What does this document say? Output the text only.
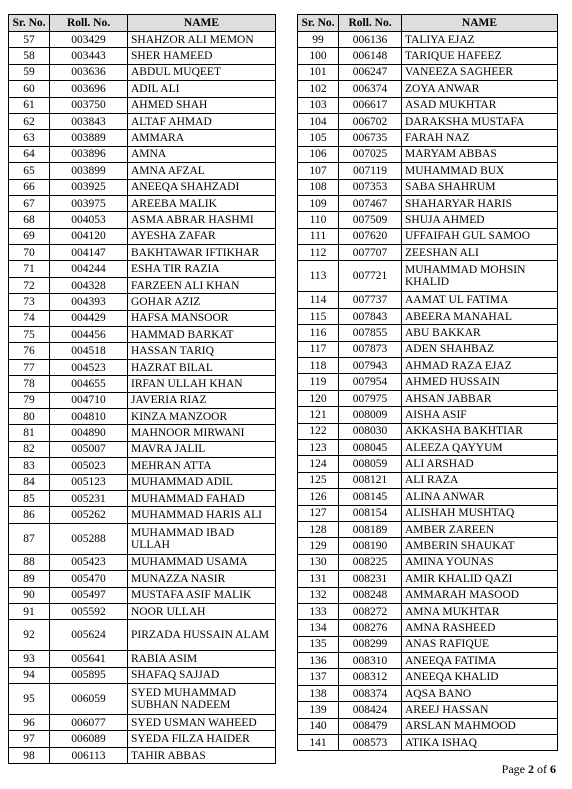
Sr. No.	Roll. No.	NAME
57	003429	SHAHZOR ALI MEMON
58	003443	SHER HAMEED
59	003636	ABDUL MUQEET
60	003696	ADIL ALI
61	003750	AHMED SHAH
62	003843	ALTAF AHMAD
63	003889	AMMARA
64	003896	AMNA
65	003899	AMNA AFZAL
66	003925	ANEEQA SHAHZADI
67	003975	AREEBA MALIK
68	004053	ASMA ABRAR HASHMI
69	004120	AYESHA ZAFAR
70	004147	BAKHTAWAR IFTIKHAR
71	004244	ESHA TIR RAZIA
72	004328	FARZEEN ALI KHAN
73	004393	GOHAR AZIZ
74	004429	HAFSA MANSOOR
75	004456	HAMMAD BARKAT
76	004518	HASSAN TARIQ
77	004523	HAZRAT BILAL
78	004655	IRFAN ULLAH KHAN
79	004710	JAVERIA RIAZ
80	004810	KINZA MANZOOR
81	004890	MAHNOOR MIRWANI
82	005007	MAVRA JALIL
83	005023	MEHRAN ATTA
84	005123	MUHAMMAD ADIL
85	005231	MUHAMMAD FAHAD
86	005262	MUHAMMAD HARIS ALI
87	005288	MUHAMMAD IBAD ULLAH
88	005423	MUHAMMAD USAMA
89	005470	MUNAZZA NASIR
90	005497	MUSTAFA ASIF MALIK
91	005592	NOOR ULLAH
92	005624	PIRZADA HUSSAIN ALAM
93	005641	RABIA ASIM
94	005895	SHAFAQ SAJJAD
95	006059	SYED MUHAMMAD SUBHAN NADEEM
96	006077	SYED USMAN WAHEED
97	006089	SYEDA FILZA HAIDER
98	006113	TAHIR ABBAS
Sr. No.	Roll. No.	NAME
99	006136	TALIYA EJAZ
100	006148	TARIQUE HAFEEZ
101	006247	VANEEZA SAGHEER
102	006374	ZOYA ANWAR
103	006617	ASAD MUKHTAR
104	006702	DARAKSHA MUSTAFA
105	006735	FARAH NAZ
106	007025	MARYAM ABBAS
107	007119	MUHAMMAD BUX
108	007353	SABA SHAHRUM
109	007467	SHAHARYAR HARIS
110	007509	SHUJA AHMED
111	007620	UFFAIFAH GUL SAMOO
112	007707	ZEESHAN ALI
113	007721	MUHAMMAD MOHSIN KHALID
114	007737	AAMAT UL FATIMA
115	007843	ABEERA MANAHAL
116	007855	ABU BAKKAR
117	007873	ADEN SHAHBAZ
118	007943	AHMAD RAZA EJAZ
119	007954	AHMED HUSSAIN
120	007975	AHSAN JABBAR
121	008009	AISHA ASIF
122	008030	AKKASHA BAKHTIAR
123	008045	ALEEZA QAYYUM
124	008059	ALI ARSHAD
125	008121	ALI RAZA
126	008145	ALINA ANWAR
127	008154	ALISHAH MUSHTAQ
128	008189	AMBER ZAREEN
129	008190	AMBERIN SHAUKAT
130	008225	AMINA YOUNAS
131	008231	AMIR KHALID QAZI
132	008248	AMMARAH MASOOD
133	008272	AMNA MUKHTAR
134	008276	AMNA RASHEED
135	008299	ANAS RAFIQUE
136	008310	ANEEQA FATIMA
137	008312	ANEEQA KHALID
138	008374	AQSA BANO
139	008424	AREEJ HASSAN
140	008479	ARSLAN MAHMOOD
141	008573	ATIKA ISHAQ
Page 2 of 6
